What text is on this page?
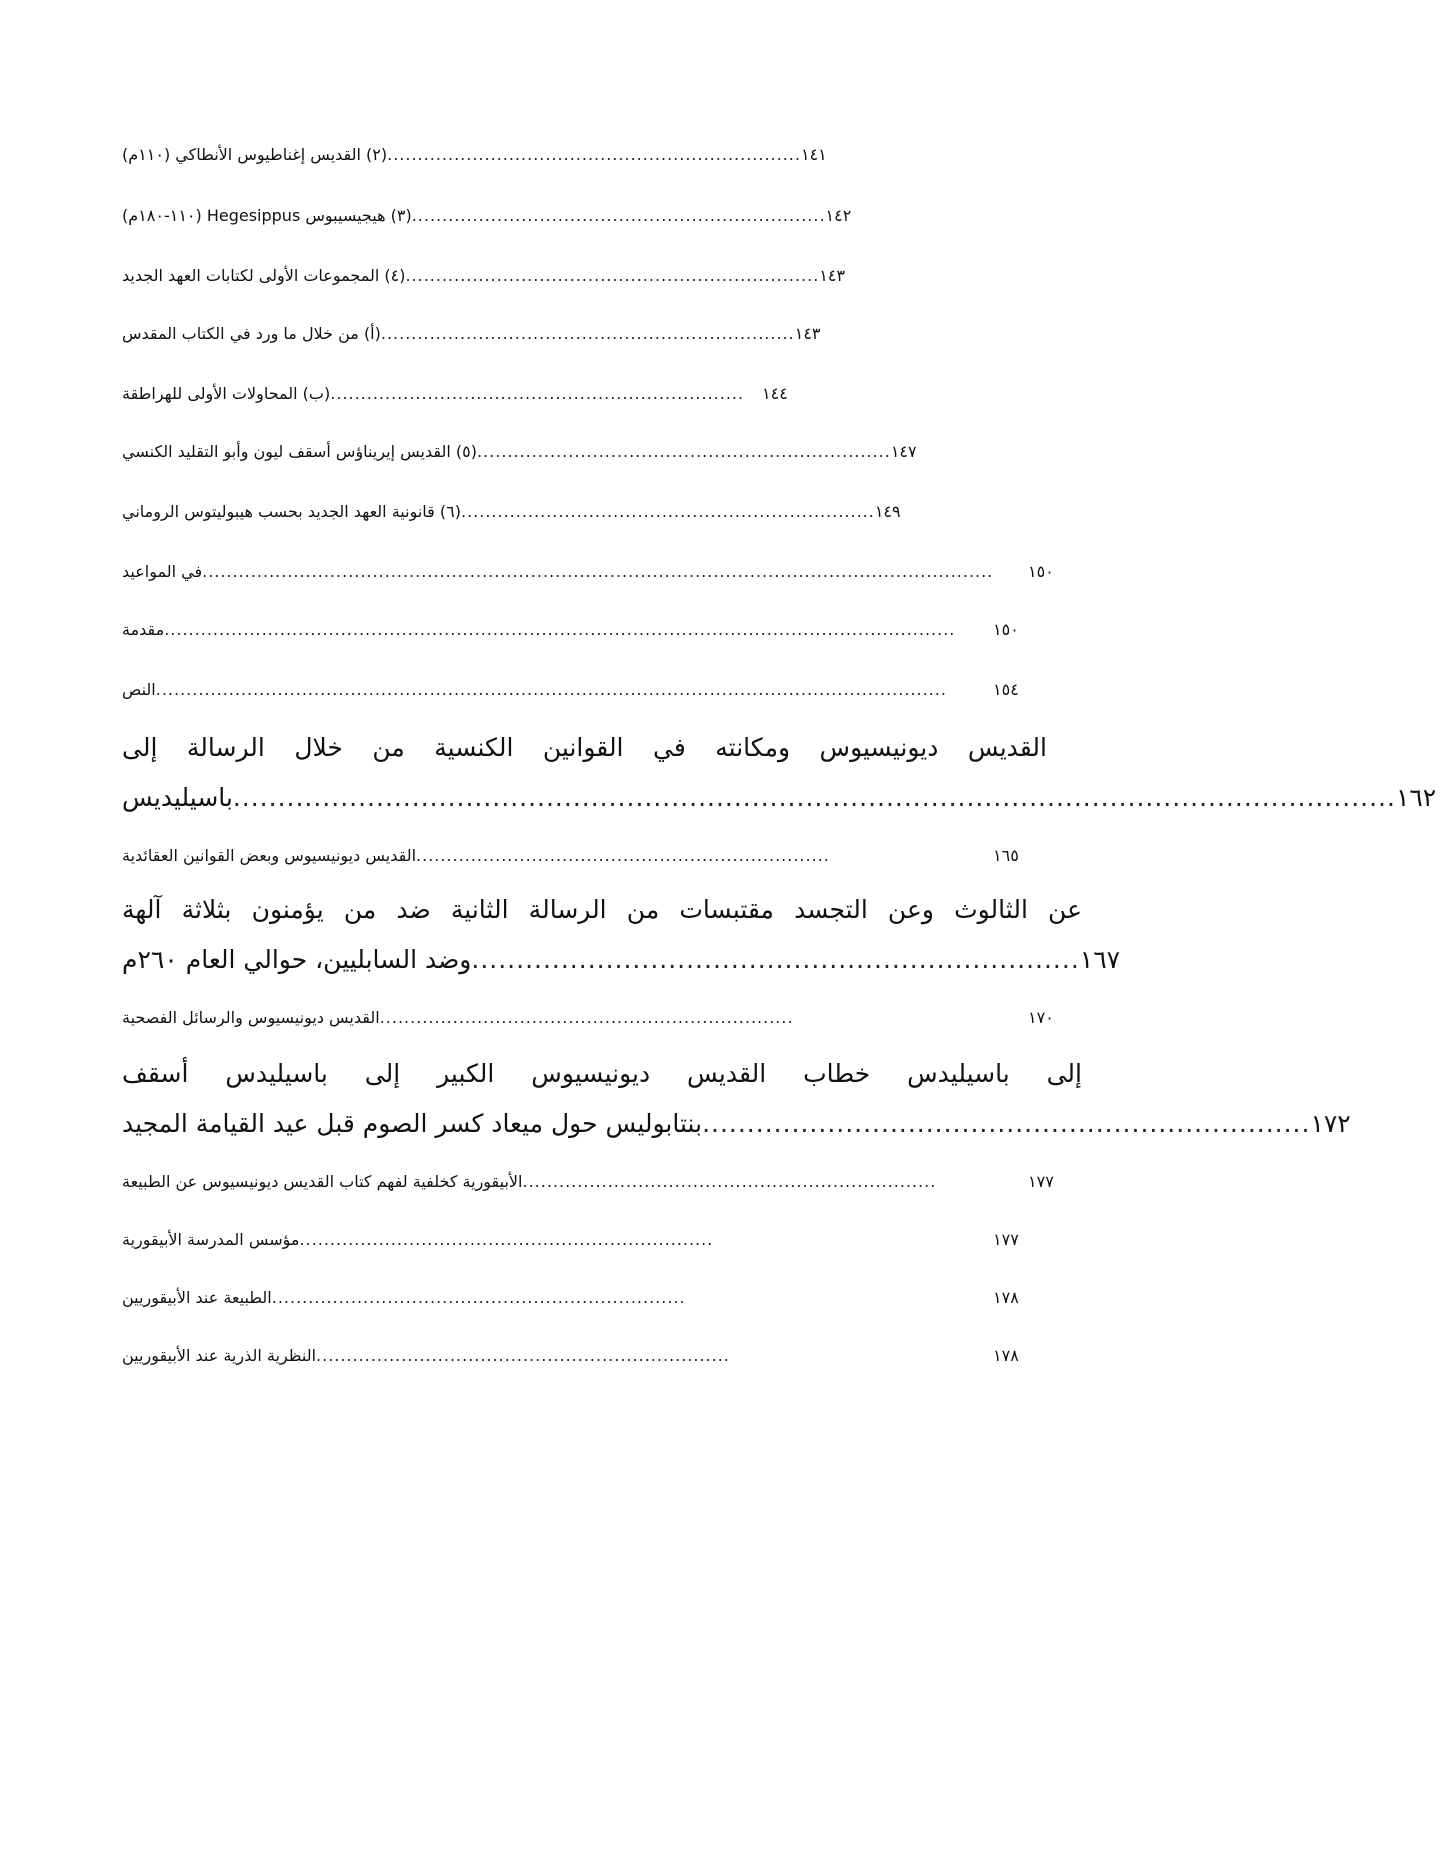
(٢) القديس إغناطيوس الأنطاكي (١١٠م) .................................................................... ١٤١
(٣) هيجيسيبوس Hegesippus (١١٠-١٨٠م) .................................................................... ١٤٢
(٤) المجموعات الأولى لكتابات العهد الجديد .................................................................... ١٤٣
(أ) من خلال ما ورد في الكتاب المقدس .................................................................... ١٤٣
(ب) المحاولات الأولى للهراطقة ....................................................................	١٤٤
(٥) القديس إيريناؤس أسقف ليون وأبو التقليد الكنسي .................................................................... ١٤٧
(٦) قانونية العهد الجديد بحسب هيبوليتوس الروماني .................................................................... ١٤٩
في المواعيد ..................................................................................................................................	١٥٠
مقدمة ..................................................................................................................................	١٥٠
النص ..................................................................................................................................	١٥٤
القديس ديونيسيوس ومكانته في القوانين الكنسية من خلال الرسالة إلى
باسيليديس .................................................................................................................................. ١٦٢
القديس ديونيسيوس وبعض القوانين العقائدية ....................................................................	١٦٥
عن الثالوث وعن التجسد مقتبسات من الرسالة الثانية ضد من يؤمنون بثلاثة آلهة
وضد السابليين، حوالي العام ٢٦٠م .................................................................... ١٦٧
القديس ديونيسيوس والرسائل الفصحية ....................................................................	١٧٠
إلى باسيليدس خطاب القديس ديونيسيوس الكبير إلى باسيليدس أسقف
بنتابوليس حول ميعاد كسر الصوم قبل عيد القيامة المجيد .................................................................... ١٧٢
الأبيقورية كخلفية لفهم كتاب القديس ديونيسيوس عن الطبيعة ....................................................................	١٧٧
مؤسس المدرسة الأبيقورية ....................................................................	١٧٧
الطبيعة عند الأبيقوريين ....................................................................	١٧٨
النظرية الذرية عند الأبيقوريين ....................................................................	١٧٨
